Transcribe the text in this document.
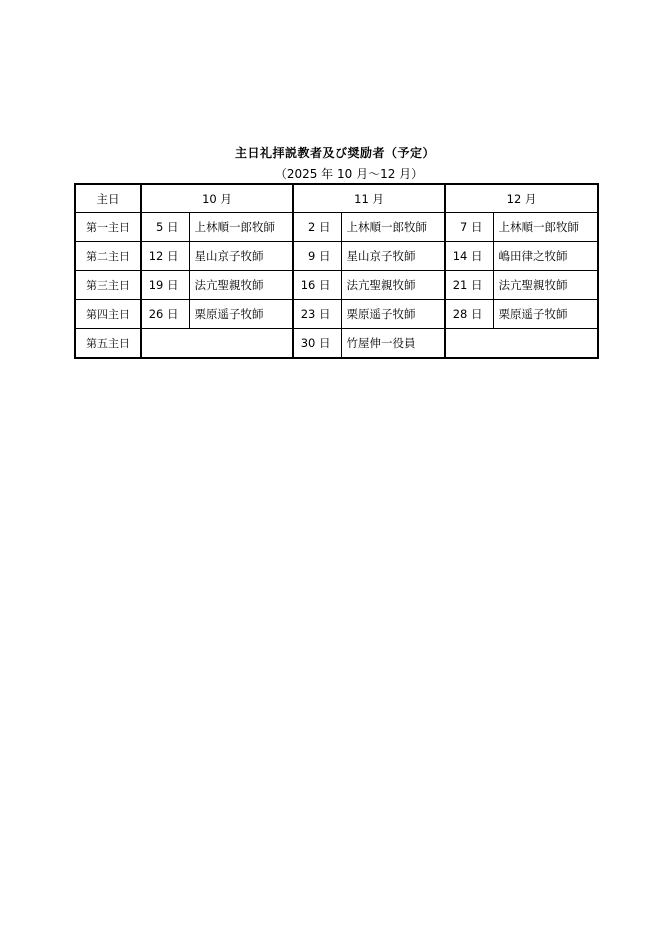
主日礼拝説教者及び奨励者（予定）
（2025 年 10 月〜12 月）
主日	10 月		11 月		12 月	
第一主日	5 日	上林順一郎牧師	2 日	上林順一郎牧師	7 日	上林順一郎牧師
第二主日	12 日	星山京子牧師	9 日	星山京子牧師	14 日	嶋田律之牧師
第三主日	19 日	法亢聖親牧師	16 日	法亢聖親牧師	21 日	法亢聖親牧師
第四主日	26 日	栗原遥子牧師	23 日	栗原遥子牧師	28 日	栗原遥子牧師
第五主日			30 日	竹屋伸一役員		
